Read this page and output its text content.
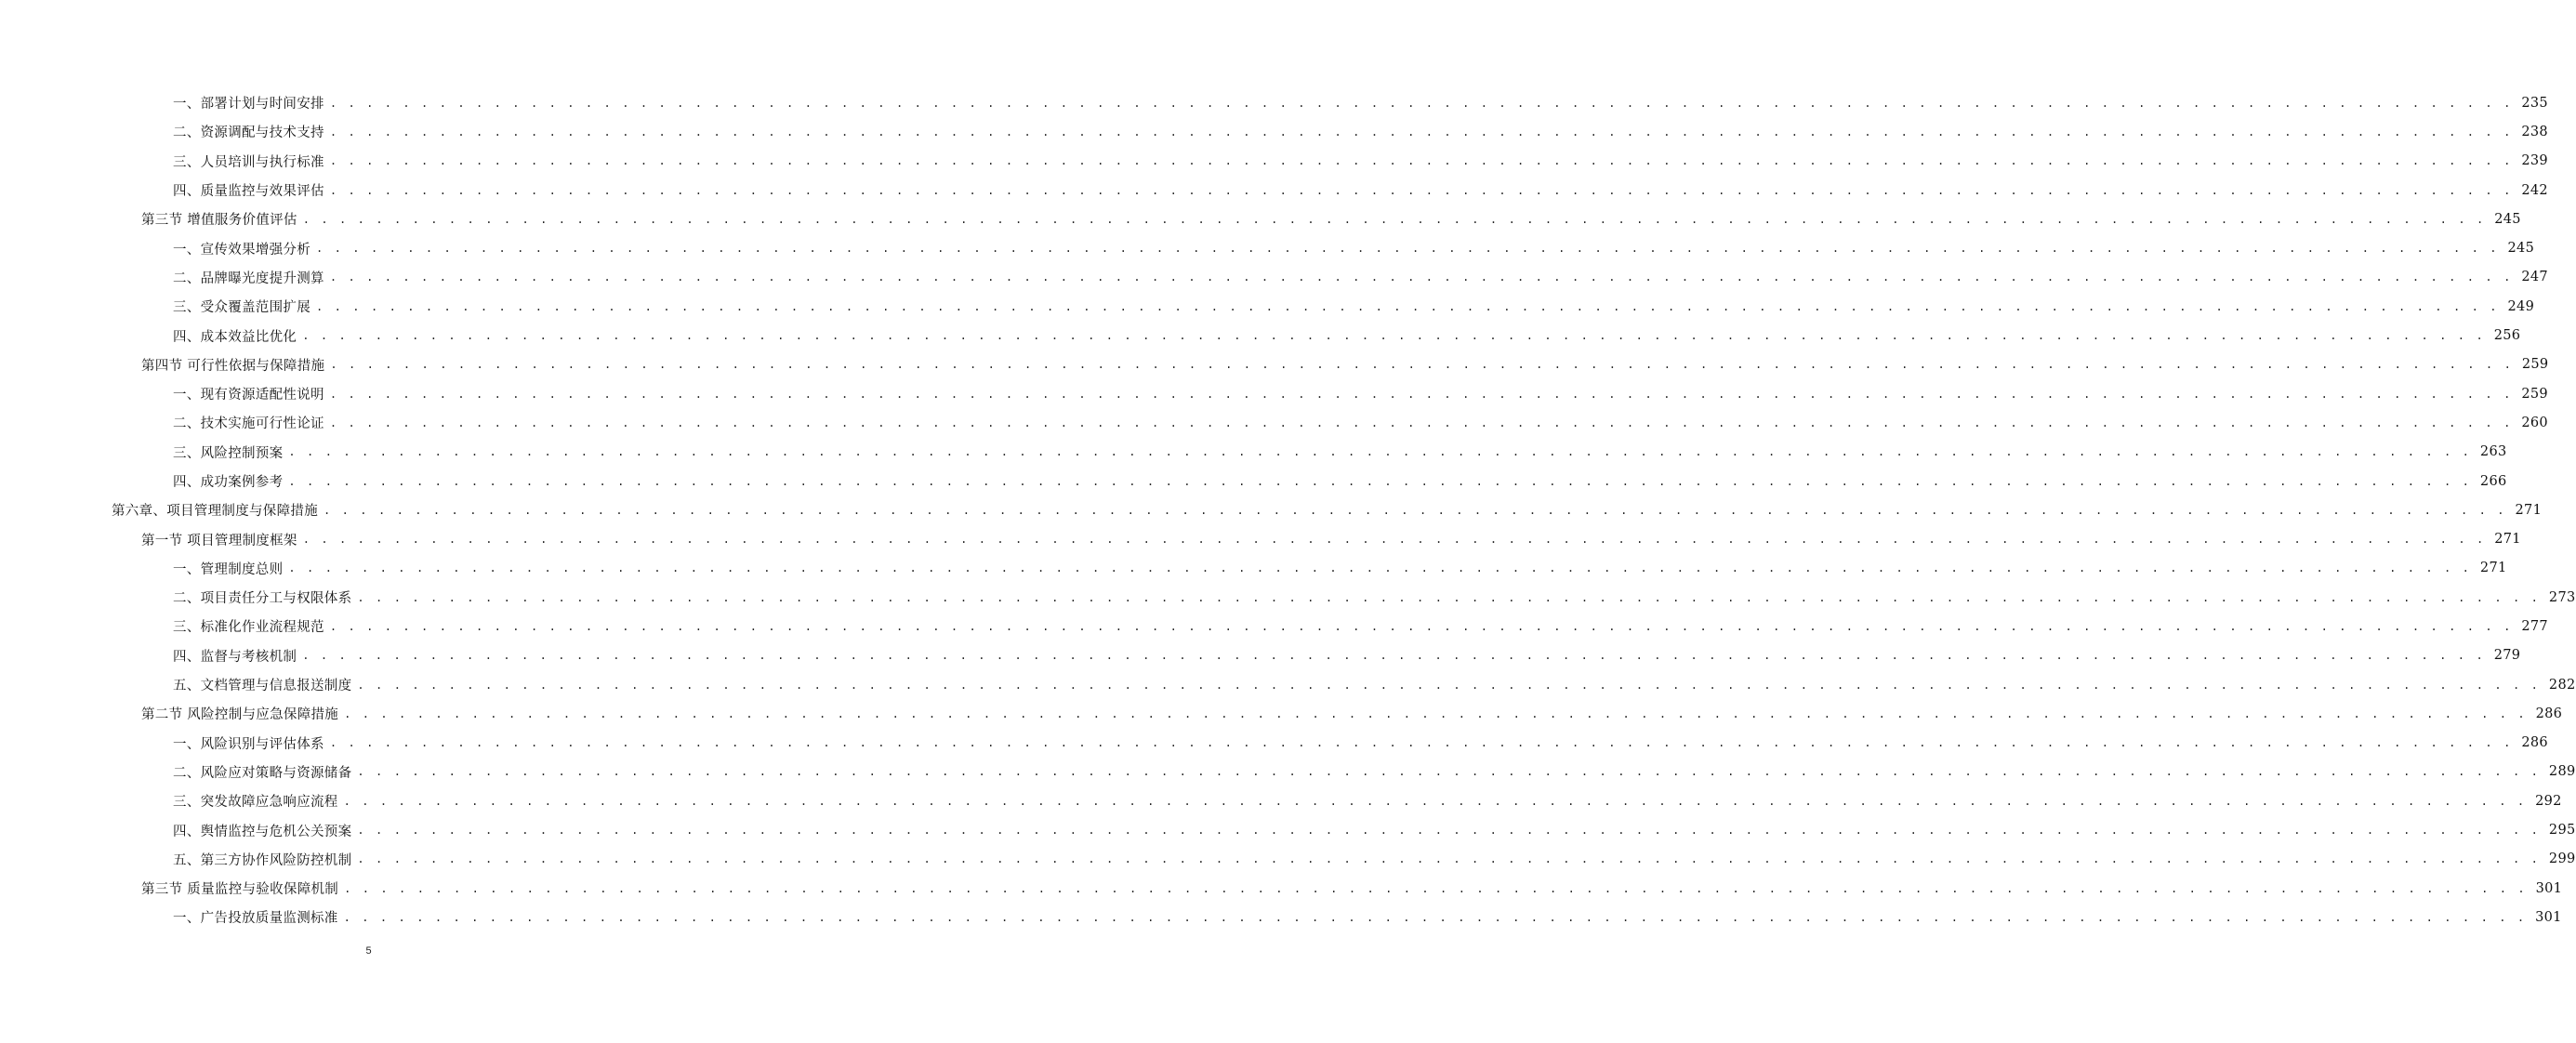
一、部署计划与时间安排 . . . . . . . . . . . . . . . . . . . . . . . . . . . . . . . . . . . . . . . . . . . . . . . . . . . . . . . . . . . . . . . . . . . . . . . . . . . . . . . . . . . . . . . . . . . . . . . . . . . . . . . . . . . . . . . . . . . . . . . . 235
二、资源调配与技术支持 . . . . . . . . . . . . . . . . . . . . . . . . . . . . . . . . . . . . . . . . . . . . . . . . . . . . . . . . . . . . . . . . . . . . . . . . . . . . . . . . . . . . . . . . . . . . . . . . . . . . . . . . . . . . . . . . . . . . . . . . 238
三、人员培训与执行标准 . . . . . . . . . . . . . . . . . . . . . . . . . . . . . . . . . . . . . . . . . . . . . . . . . . . . . . . . . . . . . . . . . . . . . . . . . . . . . . . . . . . . . . . . . . . . . . . . . . . . . . . . . . . . . . . . . . . . . . . . 239
四、质量监控与效果评估 . . . . . . . . . . . . . . . . . . . . . . . . . . . . . . . . . . . . . . . . . . . . . . . . . . . . . . . . . . . . . . . . . . . . . . . . . . . . . . . . . . . . . . . . . . . . . . . . . . . . . . . . . . . . . . . . . . . . . . . . 242
第三节 增值服务价值评估 . . . . . . . . . . . . . . . . . . . . . . . . . . . . . . . . . . . . . . . . . . . . . . . . . . . . . . . . . . . . . . . . . . . . . . . . . . . . . . . . . . . . . . . . . . . . . . . . . . . . . . . . . . . . . . . . . . . . . . . . 245
一、宣传效果增强分析 . . . . . . . . . . . . . . . . . . . . . . . . . . . . . . . . . . . . . . . . . . . . . . . . . . . . . . . . . . . . . . . . . . . . . . . . . . . . . . . . . . . . . . . . . . . . . . . . . . . . . . . . . . . . . . . . . . . . . . . . 245
二、品牌曝光度提升测算 . . . . . . . . . . . . . . . . . . . . . . . . . . . . . . . . . . . . . . . . . . . . . . . . . . . . . . . . . . . . . . . . . . . . . . . . . . . . . . . . . . . . . . . . . . . . . . . . . . . . . . . . . . . . . . . . . . . . . . . . 247
三、受众覆盖范围扩展 . . . . . . . . . . . . . . . . . . . . . . . . . . . . . . . . . . . . . . . . . . . . . . . . . . . . . . . . . . . . . . . . . . . . . . . . . . . . . . . . . . . . . . . . . . . . . . . . . . . . . . . . . . . . . . . . . . . . . . . . 249
四、成本效益比优化 . . . . . . . . . . . . . . . . . . . . . . . . . . . . . . . . . . . . . . . . . . . . . . . . . . . . . . . . . . . . . . . . . . . . . . . . . . . . . . . . . . . . . . . . . . . . . . . . . . . . . . . . . . . . . . . . . . . . . . . . 256
第四节 可行性依据与保障措施 . . . . . . . . . . . . . . . . . . . . . . . . . . . . . . . . . . . . . . . . . . . . . . . . . . . . . . . . . . . . . . . . . . . . . . . . . . . . . . . . . . . . . . . . . . . . . . . . . . . . . . . . . . . . . . . . . . . . . . . . 259
一、现有资源适配性说明 . . . . . . . . . . . . . . . . . . . . . . . . . . . . . . . . . . . . . . . . . . . . . . . . . . . . . . . . . . . . . . . . . . . . . . . . . . . . . . . . . . . . . . . . . . . . . . . . . . . . . . . . . . . . . . . . . . . . . . . . 259
二、技术实施可行性论证 . . . . . . . . . . . . . . . . . . . . . . . . . . . . . . . . . . . . . . . . . . . . . . . . . . . . . . . . . . . . . . . . . . . . . . . . . . . . . . . . . . . . . . . . . . . . . . . . . . . . . . . . . . . . . . . . . . . . . . . . 260
三、风险控制预案 . . . . . . . . . . . . . . . . . . . . . . . . . . . . . . . . . . . . . . . . . . . . . . . . . . . . . . . . . . . . . . . . . . . . . . . . . . . . . . . . . . . . . . . . . . . . . . . . . . . . . . . . . . . . . . . . . . . . . . . . 263
四、成功案例参考 . . . . . . . . . . . . . . . . . . . . . . . . . . . . . . . . . . . . . . . . . . . . . . . . . . . . . . . . . . . . . . . . . . . . . . . . . . . . . . . . . . . . . . . . . . . . . . . . . . . . . . . . . . . . . . . . . . . . . . . . 266
第六章、项目管理制度与保障措施 . . . . . . . . . . . . . . . . . . . . . . . . . . . . . . . . . . . . . . . . . . . . . . . . . . . . . . . . . . . . . . . . . . . . . . . . . . . . . . . . . . . . . . . . . . . . . . . . . . . . . . . . . . . . . . . . . . . . . . . . 271
第一节 项目管理制度框架 . . . . . . . . . . . . . . . . . . . . . . . . . . . . . . . . . . . . . . . . . . . . . . . . . . . . . . . . . . . . . . . . . . . . . . . . . . . . . . . . . . . . . . . . . . . . . . . . . . . . . . . . . . . . . . . . . . . . . . . . 271
一、管理制度总则 . . . . . . . . . . . . . . . . . . . . . . . . . . . . . . . . . . . . . . . . . . . . . . . . . . . . . . . . . . . . . . . . . . . . . . . . . . . . . . . . . . . . . . . . . . . . . . . . . . . . . . . . . . . . . . . . . . . . . . . . 271
二、项目责任分工与权限体系 . . . . . . . . . . . . . . . . . . . . . . . . . . . . . . . . . . . . . . . . . . . . . . . . . . . . . . . . . . . . . . . . . . . . . . . . . . . . . . . . . . . . . . . . . . . . . . . . . . . . . . . . . . . . . . . . . . . . . . . . 273
三、标准化作业流程规范 . . . . . . . . . . . . . . . . . . . . . . . . . . . . . . . . . . . . . . . . . . . . . . . . . . . . . . . . . . . . . . . . . . . . . . . . . . . . . . . . . . . . . . . . . . . . . . . . . . . . . . . . . . . . . . . . . . . . . . . . 277
四、监督与考核机制 . . . . . . . . . . . . . . . . . . . . . . . . . . . . . . . . . . . . . . . . . . . . . . . . . . . . . . . . . . . . . . . . . . . . . . . . . . . . . . . . . . . . . . . . . . . . . . . . . . . . . . . . . . . . . . . . . . . . . . . . 279
五、文档管理与信息报送制度 . . . . . . . . . . . . . . . . . . . . . . . . . . . . . . . . . . . . . . . . . . . . . . . . . . . . . . . . . . . . . . . . . . . . . . . . . . . . . . . . . . . . . . . . . . . . . . . . . . . . . . . . . . . . . . . . . . . . . . . . 282
第二节 风险控制与应急保障措施 . . . . . . . . . . . . . . . . . . . . . . . . . . . . . . . . . . . . . . . . . . . . . . . . . . . . . . . . . . . . . . . . . . . . . . . . . . . . . . . . . . . . . . . . . . . . . . . . . . . . . . . . . . . . . . . . . . . . . . . . 286
一、风险识别与评估体系 . . . . . . . . . . . . . . . . . . . . . . . . . . . . . . . . . . . . . . . . . . . . . . . . . . . . . . . . . . . . . . . . . . . . . . . . . . . . . . . . . . . . . . . . . . . . . . . . . . . . . . . . . . . . . . . . . . . . . . . . 286
二、风险应对策略与资源储备 . . . . . . . . . . . . . . . . . . . . . . . . . . . . . . . . . . . . . . . . . . . . . . . . . . . . . . . . . . . . . . . . . . . . . . . . . . . . . . . . . . . . . . . . . . . . . . . . . . . . . . . . . . . . . . . . . . . . . . . . 289
三、突发故障应急响应流程 . . . . . . . . . . . . . . . . . . . . . . . . . . . . . . . . . . . . . . . . . . . . . . . . . . . . . . . . . . . . . . . . . . . . . . . . . . . . . . . . . . . . . . . . . . . . . . . . . . . . . . . . . . . . . . . . . . . . . . . . 292
四、舆情监控与危机公关预案 . . . . . . . . . . . . . . . . . . . . . . . . . . . . . . . . . . . . . . . . . . . . . . . . . . . . . . . . . . . . . . . . . . . . . . . . . . . . . . . . . . . . . . . . . . . . . . . . . . . . . . . . . . . . . . . . . . . . . . . . 295
五、第三方协作风险防控机制 . . . . . . . . . . . . . . . . . . . . . . . . . . . . . . . . . . . . . . . . . . . . . . . . . . . . . . . . . . . . . . . . . . . . . . . . . . . . . . . . . . . . . . . . . . . . . . . . . . . . . . . . . . . . . . . . . . . . . . . . 299
第三节 质量监控与验收保障机制 . . . . . . . . . . . . . . . . . . . . . . . . . . . . . . . . . . . . . . . . . . . . . . . . . . . . . . . . . . . . . . . . . . . . . . . . . . . . . . . . . . . . . . . . . . . . . . . . . . . . . . . . . . . . . . . . . . . . . . . . 301
一、广告投放质量监测标准 . . . . . . . . . . . . . . . . . . . . . . . . . . . . . . . . . . . . . . . . . . . . . . . . . . . . . . . . . . . . . . . . . . . . . . . . . . . . . . . . . . . . . . . . . . . . . . . . . . . . . . . . . . . . . . . . . . . . . . . . 301
5
